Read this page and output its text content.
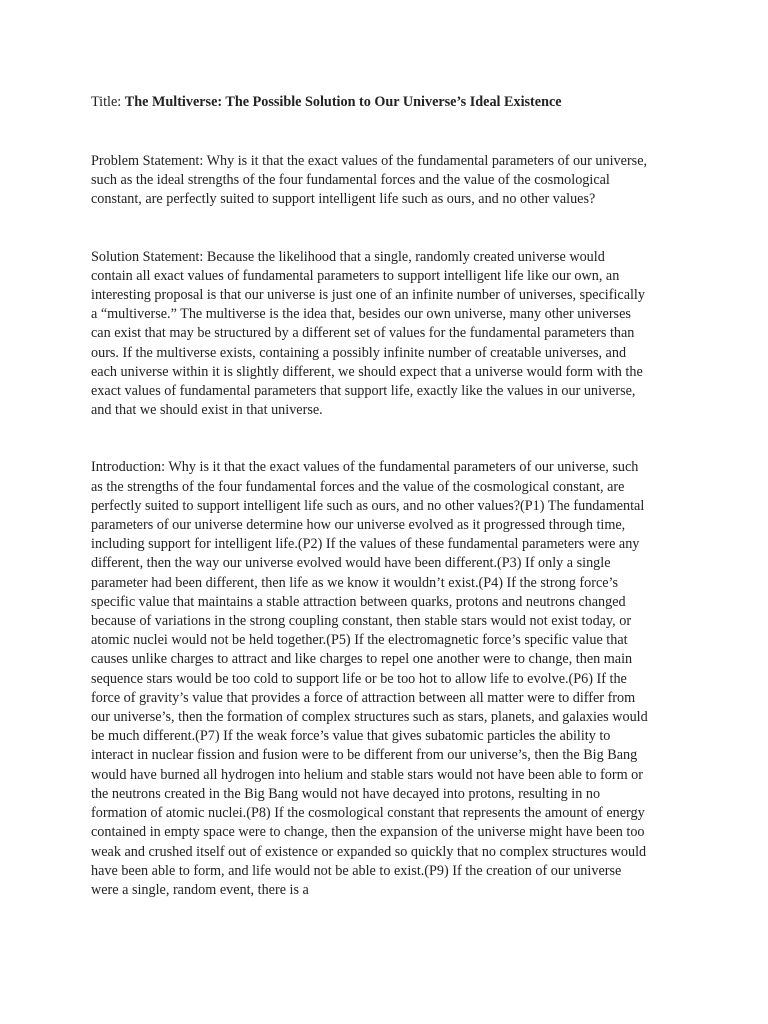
Title: The Multiverse: The Possible Solution to Our Universe’s Ideal Existence

Problem Statement: Why is it that the exact values of the fundamental parameters of our universe, such as the ideal strengths of the four fundamental forces and the value of the cosmological constant, are perfectly suited to support intelligent life such as ours, and no other values?

Solution Statement: Because the likelihood that a single, randomly created universe would contain all exact values of fundamental parameters to support intelligent life like our own, an interesting proposal is that our universe is just one of an infinite number of universes, specifically a “multiverse.” The multiverse is the idea that, besides our own universe, many other universes can exist that may be structured by a different set of values for the fundamental parameters than ours. If the multiverse exists, containing a possibly infinite number of creatable universes, and each universe within it is slightly different, we should expect that a universe would form with the exact values of fundamental parameters that support life, exactly like the values in our universe, and that we should exist in that universe.

Introduction: Why is it that the exact values of the fundamental parameters of our universe, such as the strengths of the four fundamental forces and the value of the cosmological constant, are perfectly suited to support intelligent life such as ours, and no other values?(P1) The fundamental parameters of our universe determine how our universe evolved as it progressed through time, including support for intelligent life.(P2) If the values of these fundamental parameters were any different, then the way our universe evolved would have been different.(P3) If only a single parameter had been different, then life as we know it wouldn’t exist.(P4) If the strong force’s specific value that maintains a stable attraction between quarks, protons and neutrons changed because of variations in the strong coupling constant, then stable stars would not exist today, or atomic nuclei would not be held together.(P5) If the electromagnetic force’s specific value that causes unlike charges to attract and like charges to repel one another were to change, then main sequence stars would be too cold to support life or be too hot to allow life to evolve.(P6) If the force of gravity’s value that provides a force of attraction between all matter were to differ from our universe’s, then the formation of complex structures such as stars, planets, and galaxies would be much different.(P7) If the weak force’s value that gives subatomic particles the ability to interact in nuclear fission and fusion were to be different from our universe’s, then the Big Bang would have burned all hydrogen into helium and stable stars would not have been able to form or the neutrons created in the Big Bang would not have decayed into protons, resulting in no formation of atomic nuclei.(P8) If the cosmological constant that represents the amount of energy contained in empty space were to change, then the expansion of the universe might have been too weak and crushed itself out of existence or expanded so quickly that no complex structures would have been able to form, and life would not be able to exist.(P9) If the creation of our universe were a single, random event, there is a
